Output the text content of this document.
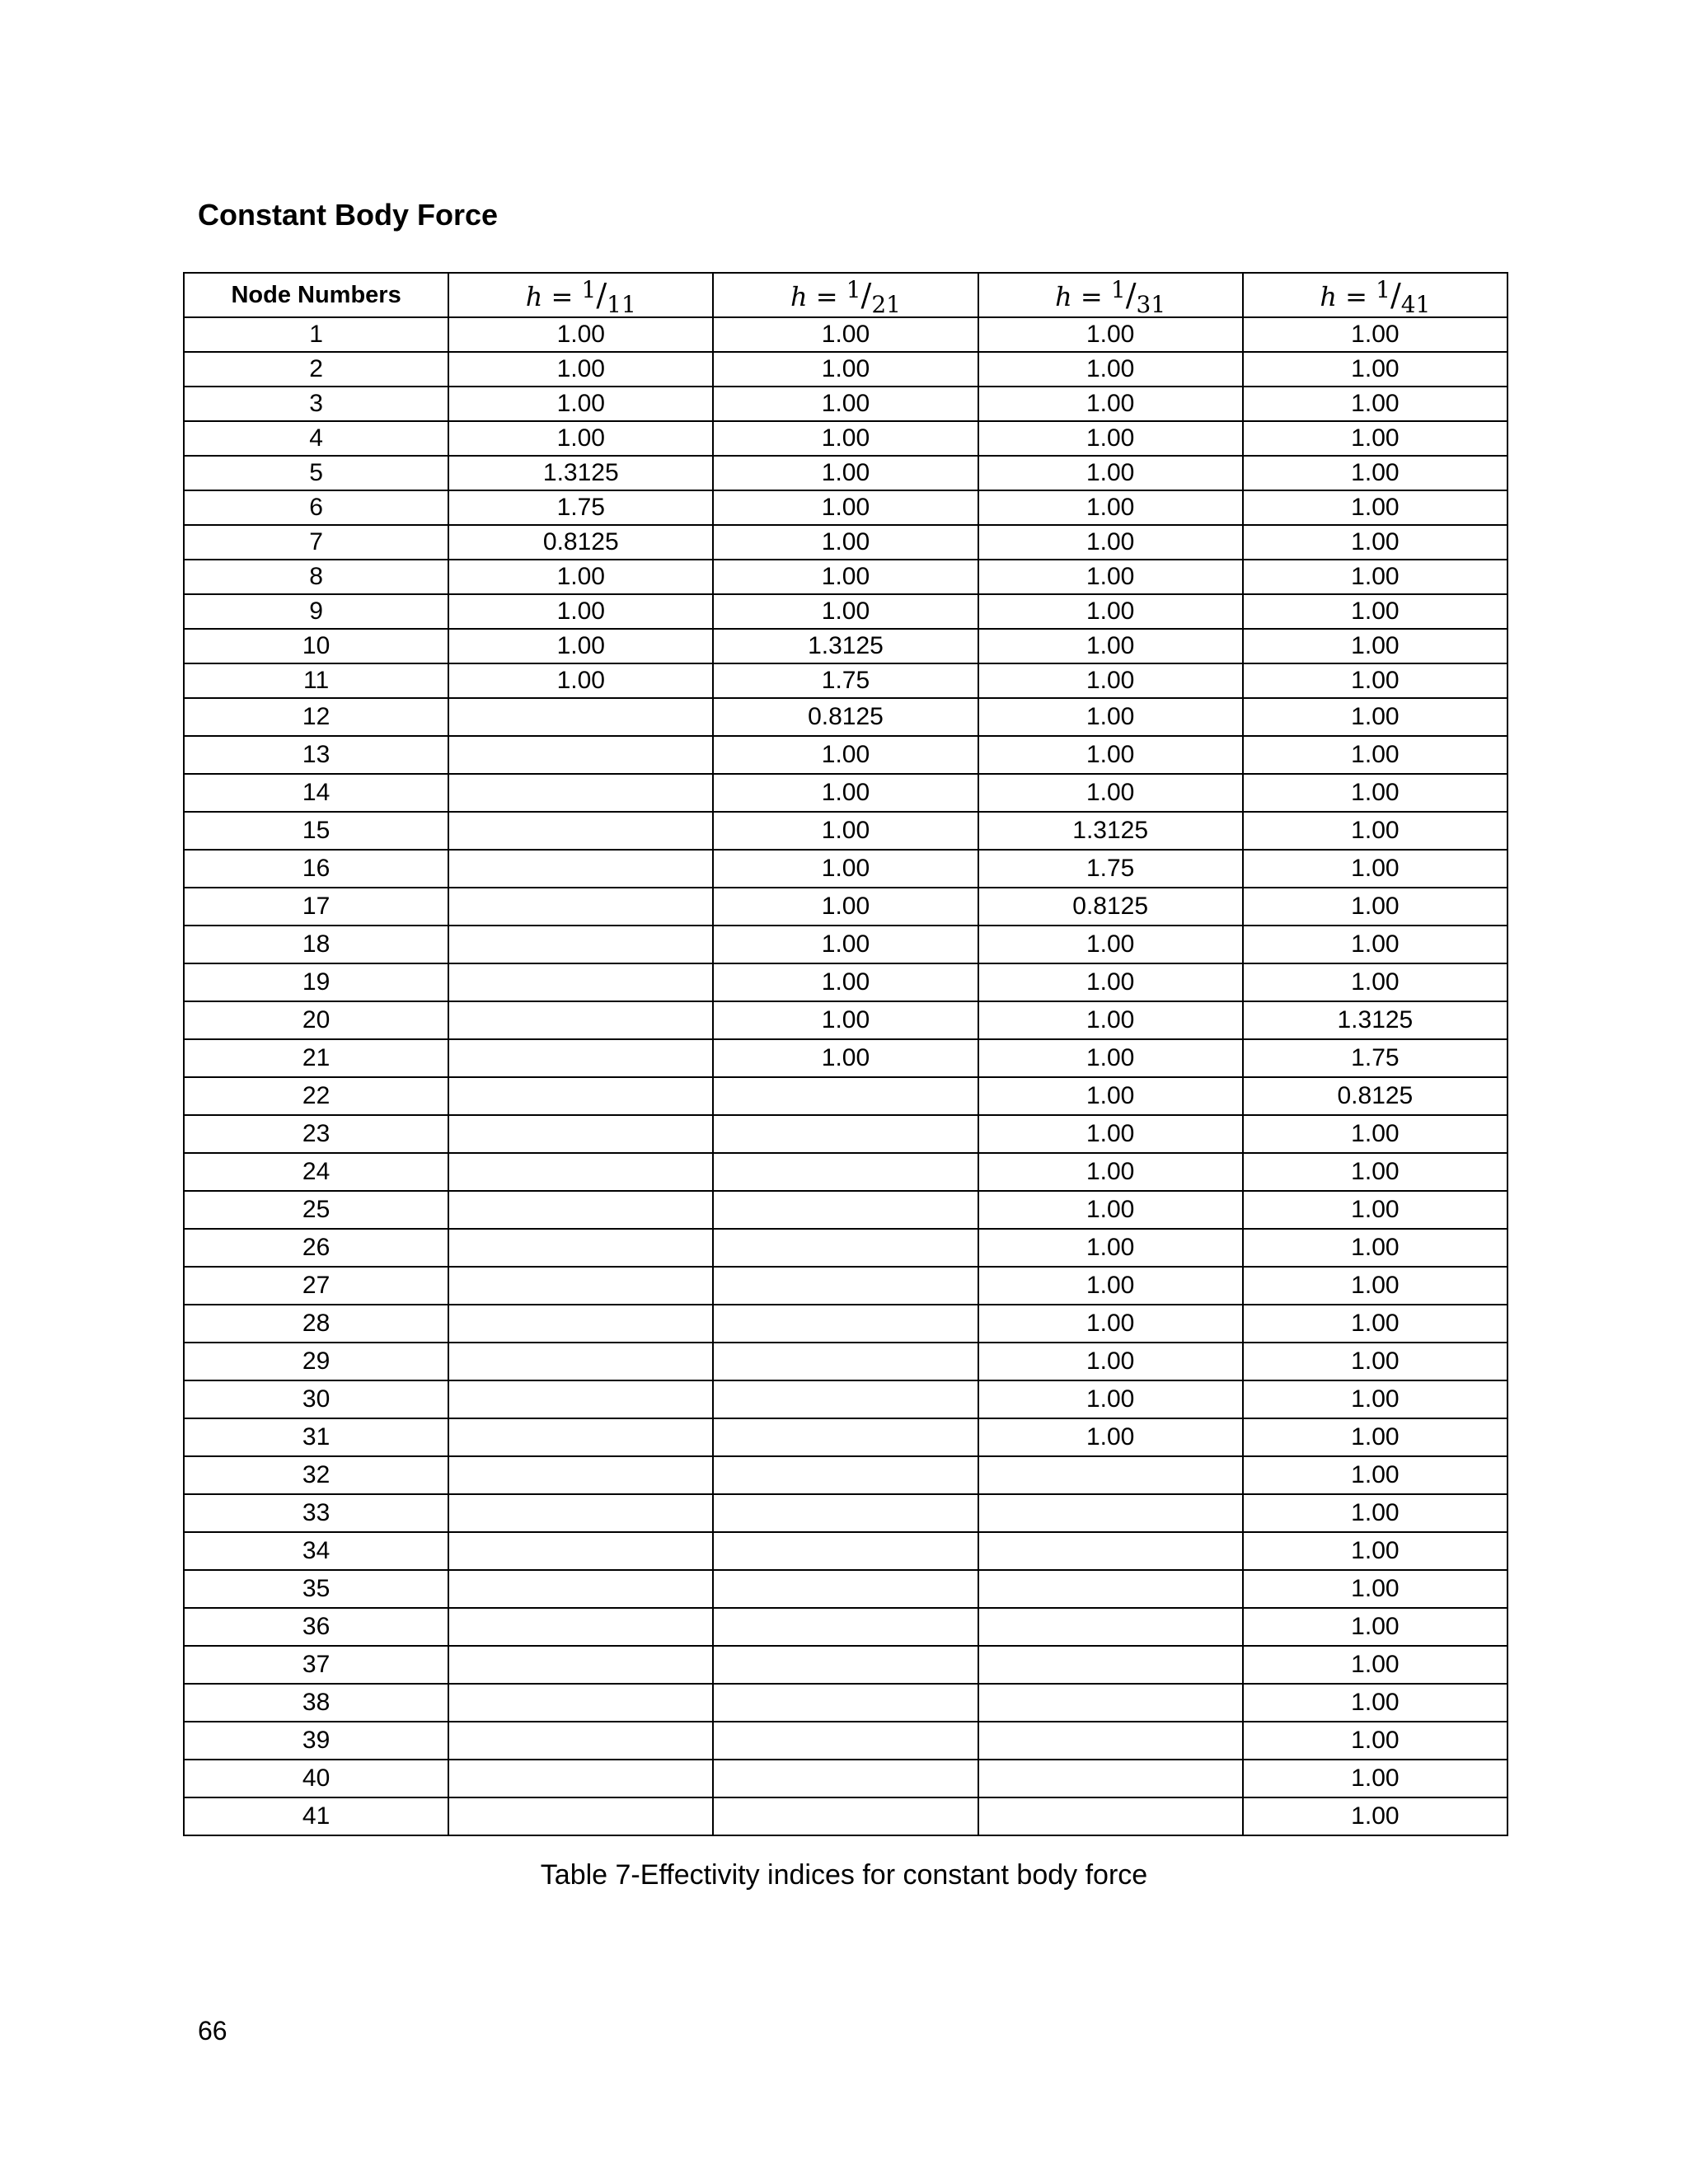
Constant Body Force
Node Numbers	h = 1/11	h = 1/21	h = 1/31	h = 1/41
1	1.00	1.00	1.00	1.00
2	1.00	1.00	1.00	1.00
3	1.00	1.00	1.00	1.00
4	1.00	1.00	1.00	1.00
5	1.3125	1.00	1.00	1.00
6	1.75	1.00	1.00	1.00
7	0.8125	1.00	1.00	1.00
8	1.00	1.00	1.00	1.00
9	1.00	1.00	1.00	1.00
10	1.00	1.3125	1.00	1.00
11	1.00	1.75	1.00	1.00
12		0.8125	1.00	1.00
13		1.00	1.00	1.00
14		1.00	1.00	1.00
15		1.00	1.3125	1.00
16		1.00	1.75	1.00
17		1.00	0.8125	1.00
18		1.00	1.00	1.00
19		1.00	1.00	1.00
20		1.00	1.00	1.3125
21		1.00	1.00	1.75
22			1.00	0.8125
23			1.00	1.00
24			1.00	1.00
25			1.00	1.00
26			1.00	1.00
27			1.00	1.00
28			1.00	1.00
29			1.00	1.00
30			1.00	1.00
31			1.00	1.00
32				1.00
33				1.00
34				1.00
35				1.00
36				1.00
37				1.00
38				1.00
39				1.00
40				1.00
41				1.00
Table 7-Effectivity indices for constant body force
66
